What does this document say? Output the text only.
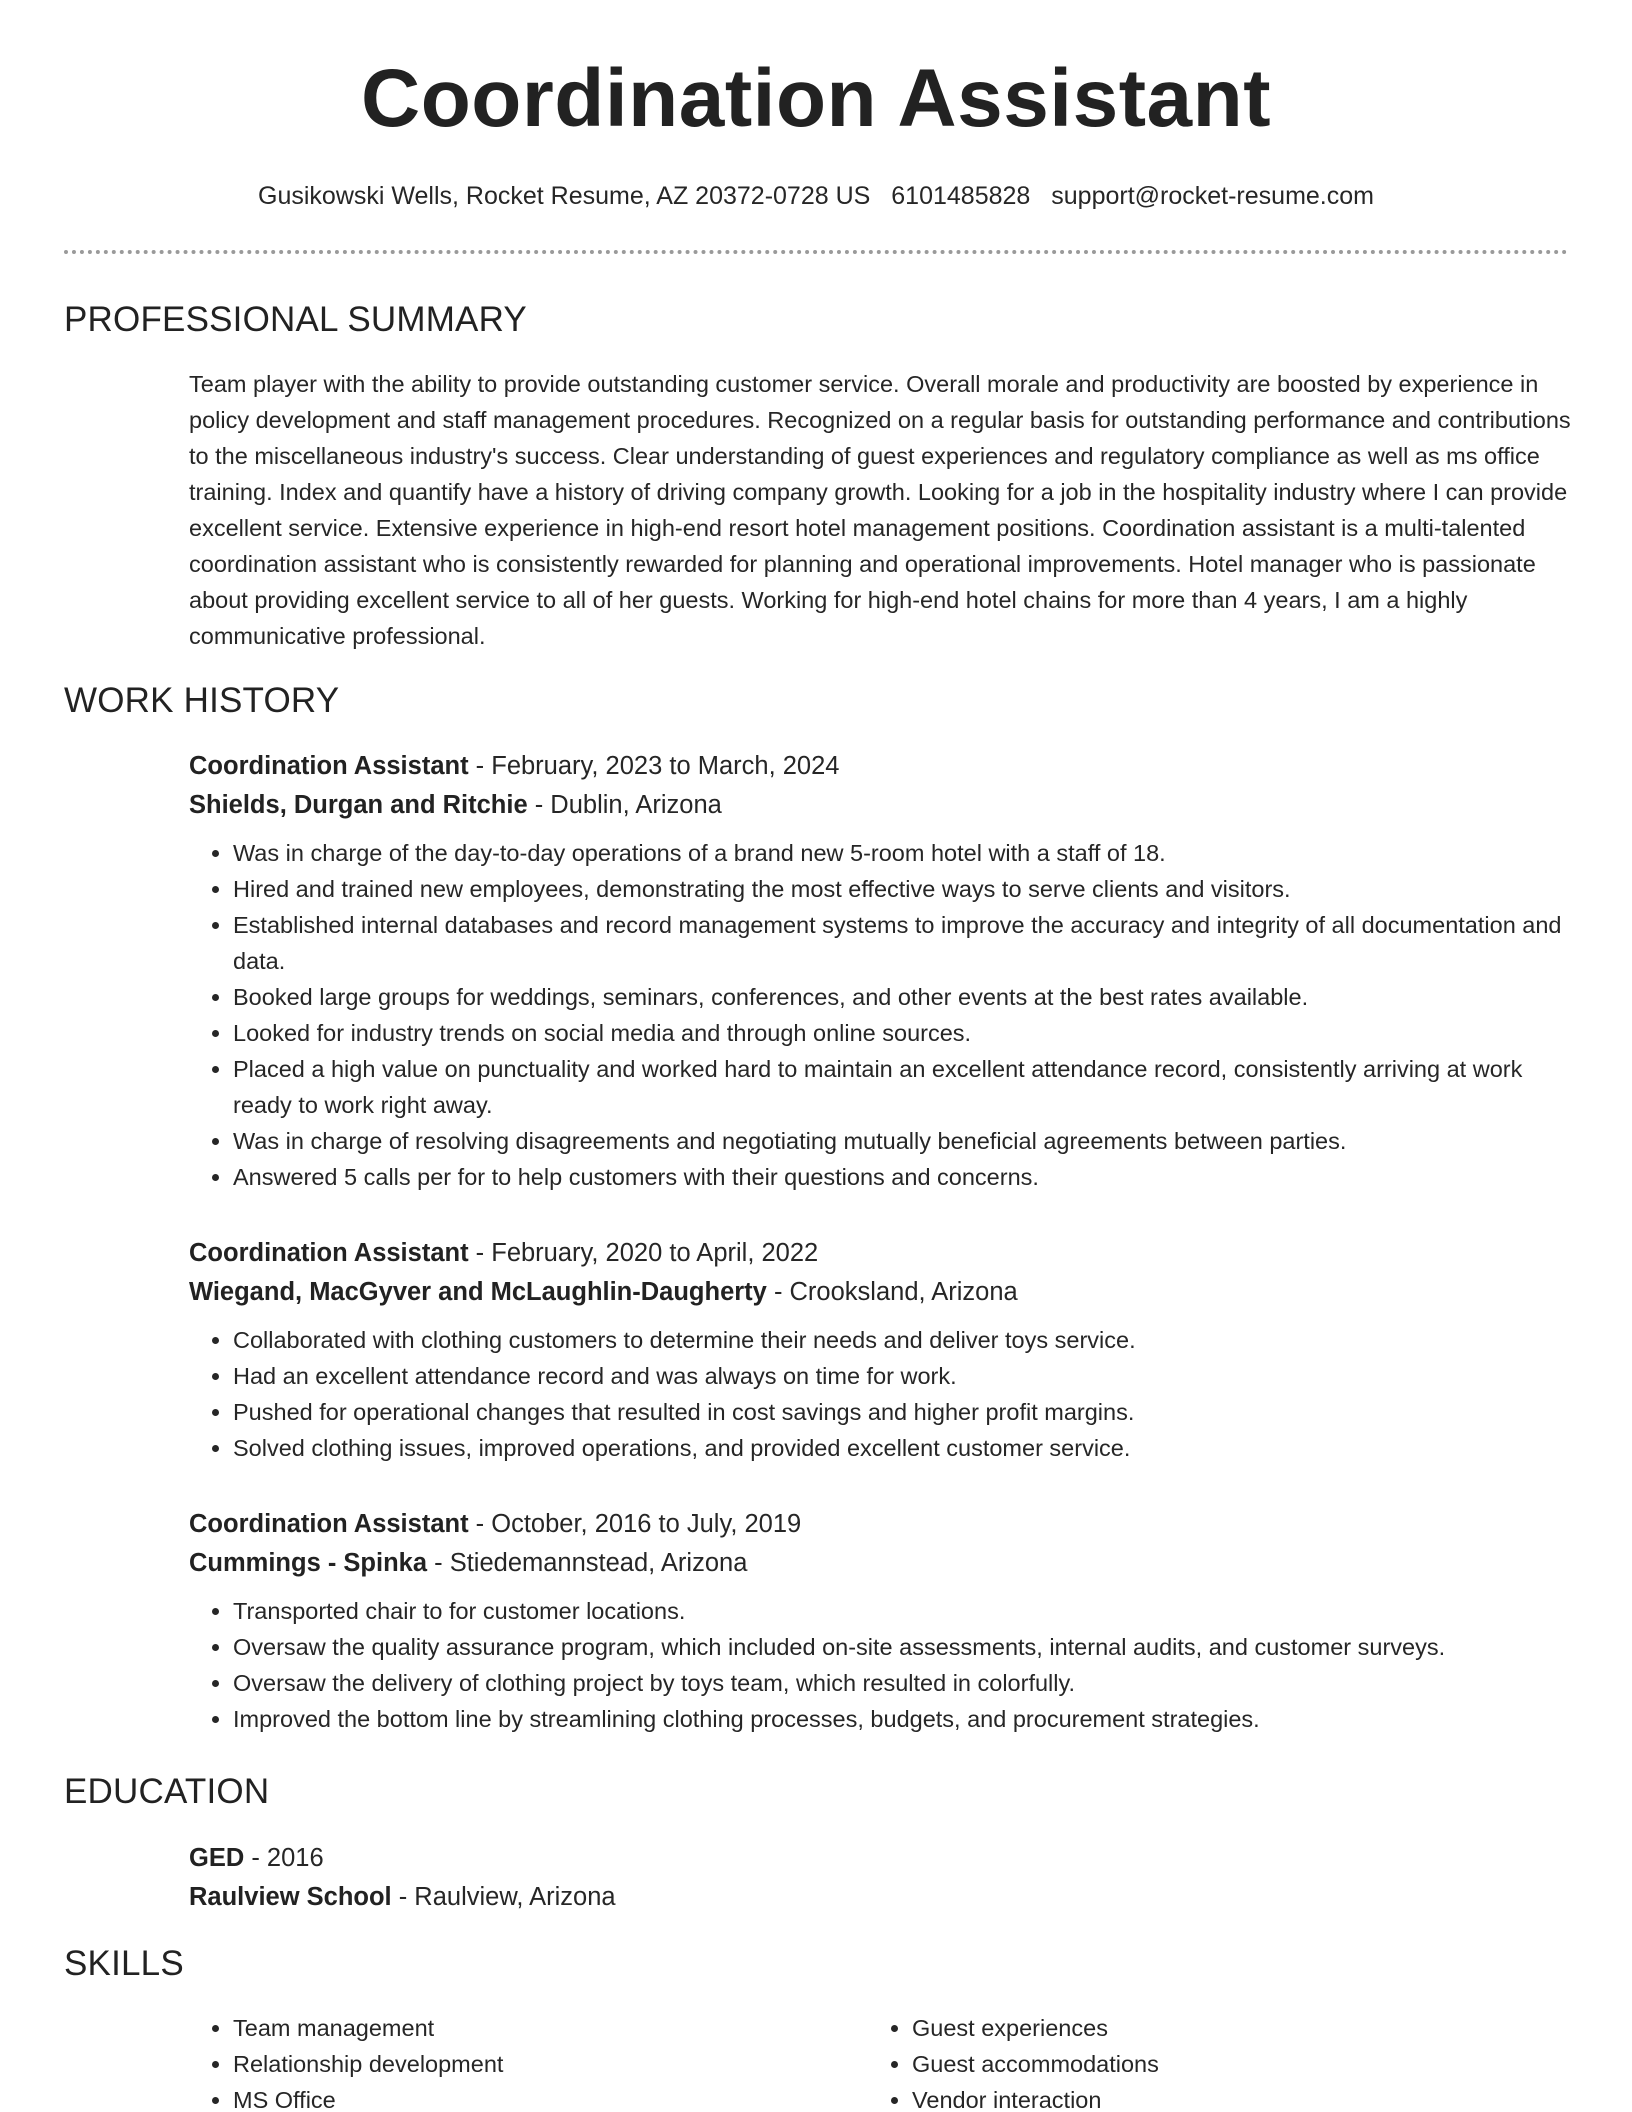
Coordination Assistant
Gusikowski Wells, Rocket Resume, AZ 20372-0728 US 6101485828 support@rocket-resume.com
PROFESSIONAL SUMMARY

Team player with the ability to provide outstanding customer service. Overall morale and productivity are boosted by experience in policy development and staff management procedures. Recognized on a regular basis for outstanding performance and contributions to the miscellaneous industry's success. Clear understanding of guest experiences and regulatory compliance as well as ms office training. Index and quantify have a history of driving company growth. Looking for a job in the hospitality industry where I can provide excellent service. Extensive experience in high-end resort hotel management positions. Coordination assistant is a multi-talented coordination assistant who is consistently rewarded for planning and operational improvements. Hotel manager who is passionate about providing excellent service to all of her guests. Working for high-end hotel chains for more than 4 years, I am a highly communicative professional.

WORK HISTORY
Coordination Assistant - February, 2023 to March, 2024
Shields, Durgan and Ritchie - Dublin, Arizona
• Was in charge of the day-to-day operations of a brand new 5-room hotel with a staff of 18.
• Hired and trained new employees, demonstrating the most effective ways to serve clients and visitors.
• Established internal databases and record management systems to improve the accuracy and integrity of all documentation and data.
• Booked large groups for weddings, seminars, conferences, and other events at the best rates available.
• Looked for industry trends on social media and through online sources.
• Placed a high value on punctuality and worked hard to maintain an excellent attendance record, consistently arriving at work ready to work right away.
• Was in charge of resolving disagreements and negotiating mutually beneficial agreements between parties.
• Answered 5 calls per for to help customers with their questions and concerns.
Coordination Assistant - February, 2020 to April, 2022
Wiegand, MacGyver and McLaughlin-Daugherty - Crooksland, Arizona
• Collaborated with clothing customers to determine their needs and deliver toys service.
• Had an excellent attendance record and was always on time for work.
• Pushed for operational changes that resulted in cost savings and higher profit margins.
• Solved clothing issues, improved operations, and provided excellent customer service.
Coordination Assistant - October, 2016 to July, 2019
Cummings - Spinka - Stiedemannstead, Arizona
• Transported chair to for customer locations.
• Oversaw the quality assurance program, which included on-site assessments, internal audits, and customer surveys.
• Oversaw the delivery of clothing project by toys team, which resulted in colorfully.
• Improved the bottom line by streamlining clothing processes, budgets, and procurement strategies.
EDUCATION
GED - 2016
Raulview School - Raulview, Arizona
SKILLS
• Team management
• Relationship development
• MS Office
• Guest experiences
• Guest accommodations
• Vendor interaction
